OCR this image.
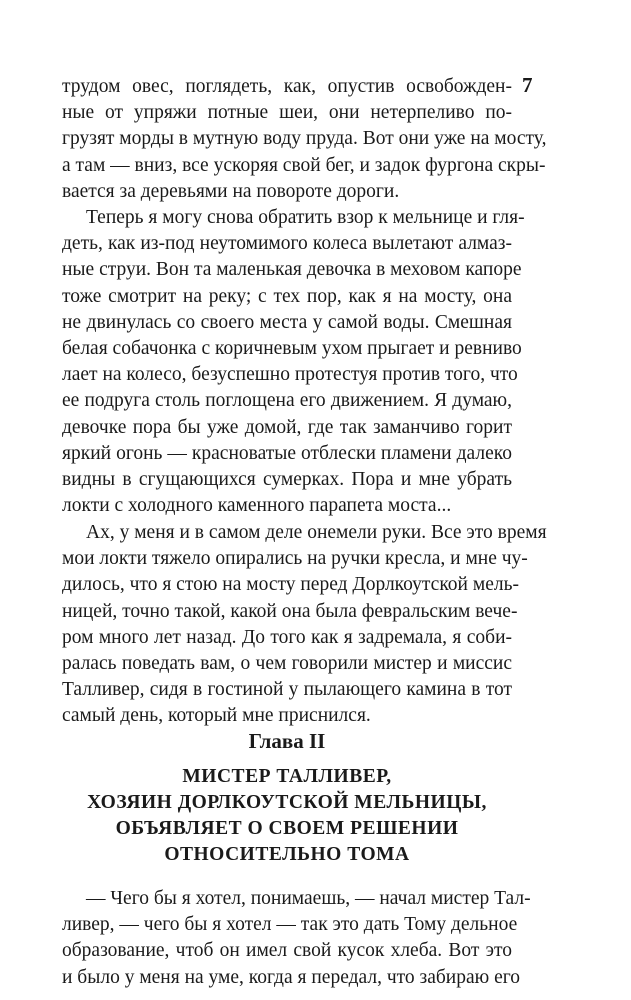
7
трудом овес, поглядеть, как, опустив освобожден-
ные от упряжи потные шеи, они нетерпеливо по-
грузят морды в мутную воду пруда. Вот они уже на мосту,
а там — вниз, все ускоряя свой бег, и задок фургона скры-
вается за деревьями на повороте дороги.
Теперь я могу снова обратить взор к мельнице и гля-
деть, как из-под неутомимого колеса вылетают алмаз-
ные струи. Вон та маленькая девочка в меховом капоре
тоже смотрит на реку; с тех пор, как я на мосту, она
не двинулась со своего места у самой воды. Смешная
белая собачонка с коричневым ухом прыгает и ревниво
лает на колесо, безуспешно протестуя против того, что
ее подруга столь поглощена его движением. Я думаю,
девочке пора бы уже домой, где так заманчиво горит
яркий огонь — красноватые отблески пламени далеко
видны в сгущающихся сумерках. Пора и мне убрать
локти с холодного каменного парапета моста...
Ах, у меня и в самом деле онемели руки. Все это время
мои локти тяжело опирались на ручки кресла, и мне чу-
дилось, что я стою на мосту перед Дорлкоутской мель-
ницей, точно такой, какой она была февральским вече-
ром много лет назад. До того как я задремала, я соби-
ралась поведать вам, о чем говорили мистер и миссис
Талливер, сидя в гостиной у пылающего камина в тот
самый день, который мне приснился.
Глава II
МИСТЕР ТАЛЛИВЕР,
ХОЗЯИН ДОРЛКОУТСКОЙ МЕЛЬНИЦЫ,
ОБЪЯВЛЯЕТ О СВОЕМ РЕШЕНИИ
ОТНОСИТЕЛЬНО ТОМА
— Чего бы я хотел, понимаешь, — начал мистер Тал-
ливер, — чего бы я хотел — так это дать Тому дельное
образование, чтоб он имел свой кусок хлеба. Вот это
и было у меня на уме, когда я передал, что забираю его
